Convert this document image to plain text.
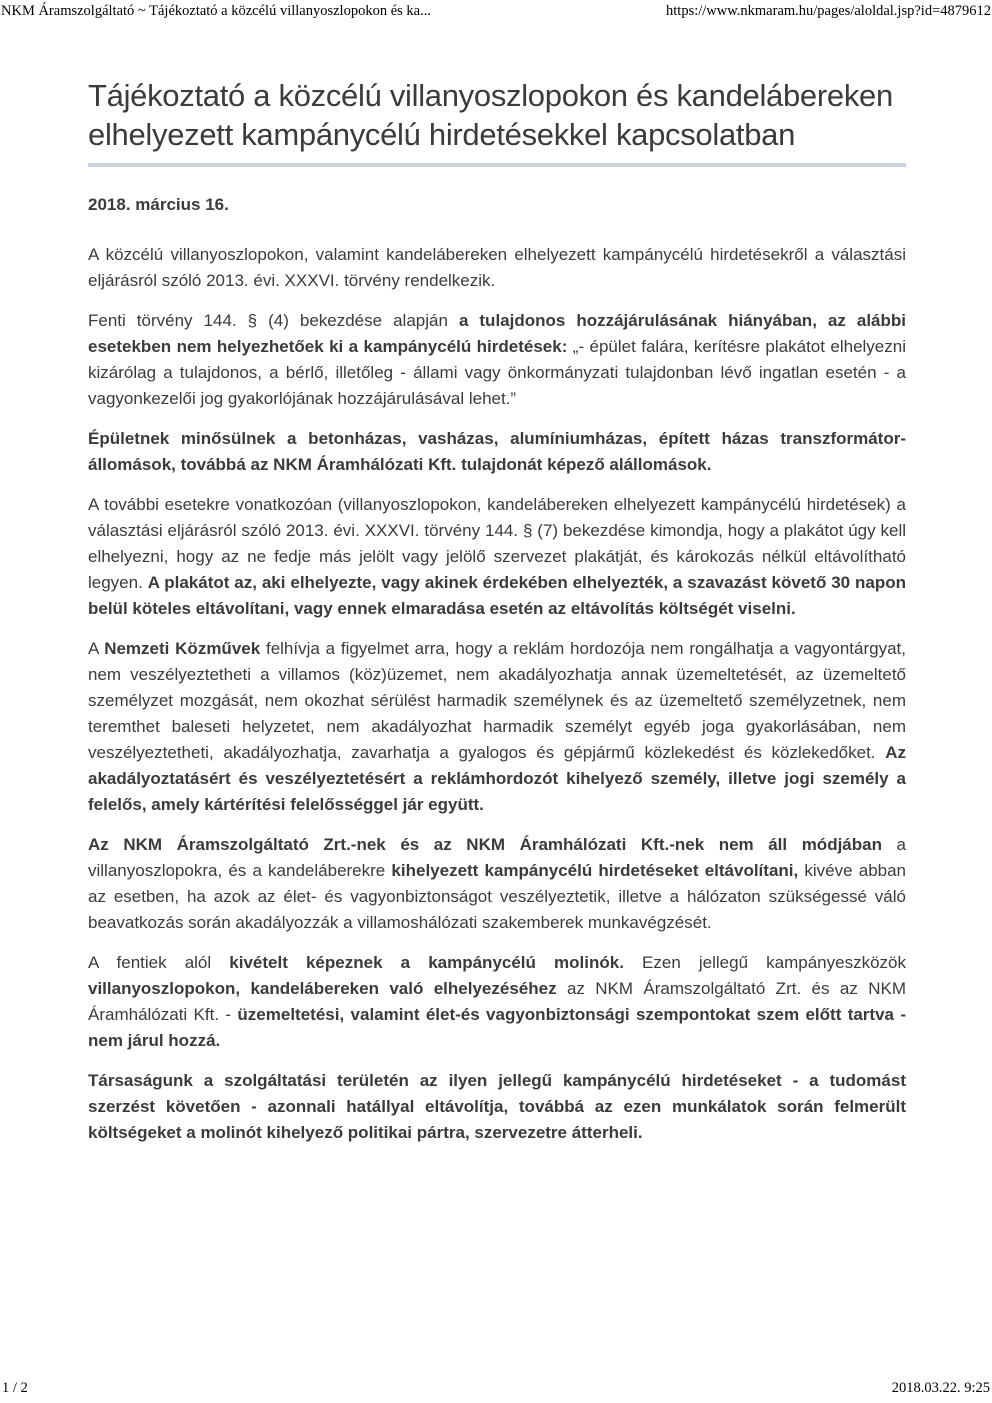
NKM Áramszolgáltató ~ Tájékoztató a közcélú villanyoszlopokon és ka...	https://www.nkmaram.hu/pages/aloldal.jsp?id=4879612
Tájékoztató a közcélú villanyoszlopokon és kandelábereken elhelyezett kampánycélú hirdetésekkel kapcsolatban
2018. március 16.

A közcélú villanyoszlopokon, valamint kandelábereken elhelyezett kampánycélú hirdetésekről a választási eljárásról szóló 2013. évi. XXXVI. törvény rendelkezik.

Fenti törvény 144. § (4) bekezdése alapján a tulajdonos hozzájárulásának hiányában, az alábbi esetekben nem helyezhetőek ki a kampánycélú hirdetések: „- épület falára, kerítésre plakátot elhelyezni kizárólag a tulajdonos, a bérlő, illetőleg - állami vagy önkormányzati tulajdonban lévő ingatlan esetén - a vagyonkezelői jog gyakorlójának hozzájárulásával lehet.”

Épületnek minősülnek a betonházas, vasházas, alumíniumházas, épített házas transzformátor-állomások, továbbá az NKM Áramhálózati Kft. tulajdonát képező alállomások.

A további esetekre vonatkozóan (villanyoszlopokon, kandelábereken elhelyezett kampánycélú hirdetések) a választási eljárásról szóló 2013. évi. XXXVI. törvény 144. § (7) bekezdése kimondja, hogy a plakátot úgy kell elhelyezni, hogy az ne fedje más jelölt vagy jelölő szervezet plakátját, és károkozás nélkül eltávolítható legyen. A plakátot az, aki elhelyezte, vagy akinek érdekében elhelyezték, a szavazást követő 30 napon belül köteles eltávolítani, vagy ennek elmaradása esetén az eltávolítás költségét viselni.

A Nemzeti Közművek felhívja a figyelmet arra, hogy a reklám hordozója nem rongálhatja a vagyontárgyat, nem veszélyeztetheti a villamos (köz)üzemet, nem akadályozhatja annak üzemeltetését, az üzemeltető személyzet mozgását, nem okozhat sérülést harmadik személynek és az üzemeltető személyzetnek, nem teremthet baleseti helyzetet, nem akadályozhat harmadik személyt egyéb joga gyakorlásában, nem veszélyeztetheti, akadályozhatja, zavarhatja a gyalogos és gépjármű közlekedést és közlekedőket. Az akadályoztatásért és veszélyeztetésért a reklámhordozót kihelyező személy, illetve jogi személy a felelős, amely kártérítési felelősséggel jár együtt.

Az NKM Áramszolgáltató Zrt.-nek és az NKM Áramhálózati Kft.-nek nem áll módjában a villanyoszlopokra, és a kandeláberekre kihelyezett kampánycélú hirdetéseket eltávolítani, kivéve abban az esetben, ha azok az élet- és vagyonbiztonságot veszélyeztetik, illetve a hálózaton szükségessé váló beavatkozás során akadályozzák a villamoshálózati szakemberek munkavégzését.

A fentiek alól kivételt képeznek a kampánycélú molinók. Ezen jellegű kampányeszközök villanyoszlopokon, kandelábereken való elhelyezéséhez az NKM Áramszolgáltató Zrt. és az NKM Áramhálózati Kft. - üzemeltetési, valamint élet-és vagyonbiztonsági szempontokat szem előtt tartva - nem járul hozzá.

Társaságunk a szolgáltatási területén az ilyen jellegű kampánycélú hirdetéseket - a tudomást szerzést követően - azonnali hatállyal eltávolítja, továbbá az ezen munkálatok során felmerült költségeket a molinót kihelyező politikai pártra, szervezetre átterheli.

1 / 2	2018.03.22. 9:25
